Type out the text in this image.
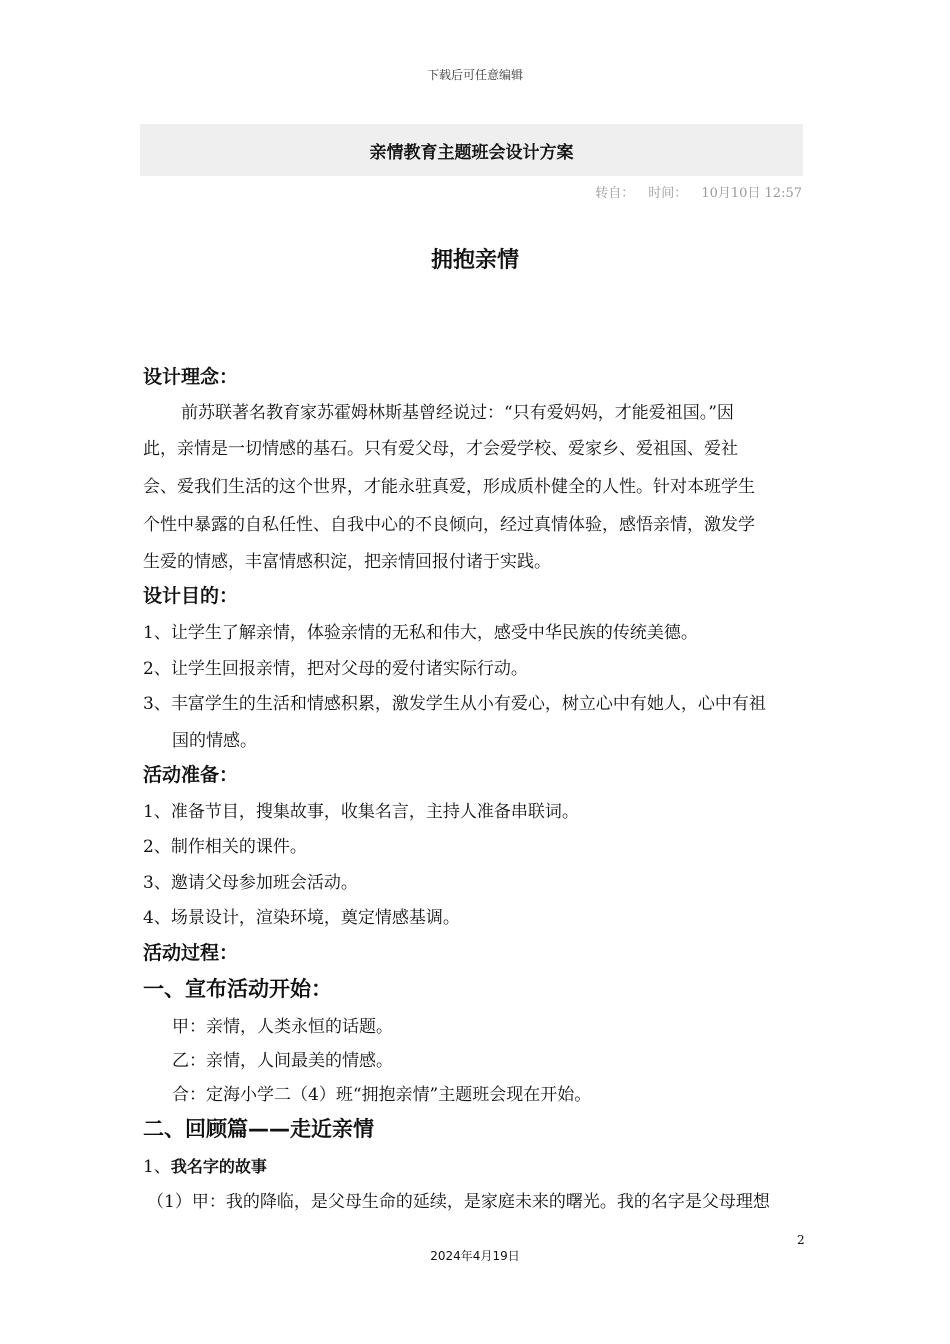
下载后可任意编辑
亲情教育主题班会设计方案
转自： 时间： 10月10日 12:57
拥抱亲情
设计理念：
前苏联著名教育家苏霍姆林斯基曾经说过：“只有爱妈妈，才能爱祖国。”因
此，亲情是一切情感的基石。只有爱父母，才会爱学校、爱家乡、爱祖国、爱社
会、爱我们生活的这个世界，才能永驻真爱，形成质朴健全的人性。针对本班学生
个性中暴露的自私任性、自我中心的不良倾向，经过真情体验，感悟亲情，激发学
生爱的情感，丰富情感积淀，把亲情回报付诸于实践。
设计目的：
1、让学生了解亲情，体验亲情的无私和伟大，感受中华民族的传统美德。
2、让学生回报亲情，把对父母的爱付诸实际行动。
3、丰富学生的生活和情感积累，激发学生从小有爱心，树立心中有她人，心中有祖
国的情感。
活动准备：
1、准备节目，搜集故事，收集名言，主持人准备串联词。
2、制作相关的课件。
3、邀请父母参加班会活动。
4、场景设计，渲染环境，奠定情感基调。
活动过程：
一、宣布活动开始：
甲：亲情，人类永恒的话题。
乙：亲情，人间最美的情感。
合：定海小学二（4）班“拥抱亲情”主题班会现在开始。
二、回顾篇——走近亲情
1、我名字的故事
（1）甲：我的降临，是父母生命的延续，是家庭未来的曙光。我的名字是父母理想
2
2024年4月19日
